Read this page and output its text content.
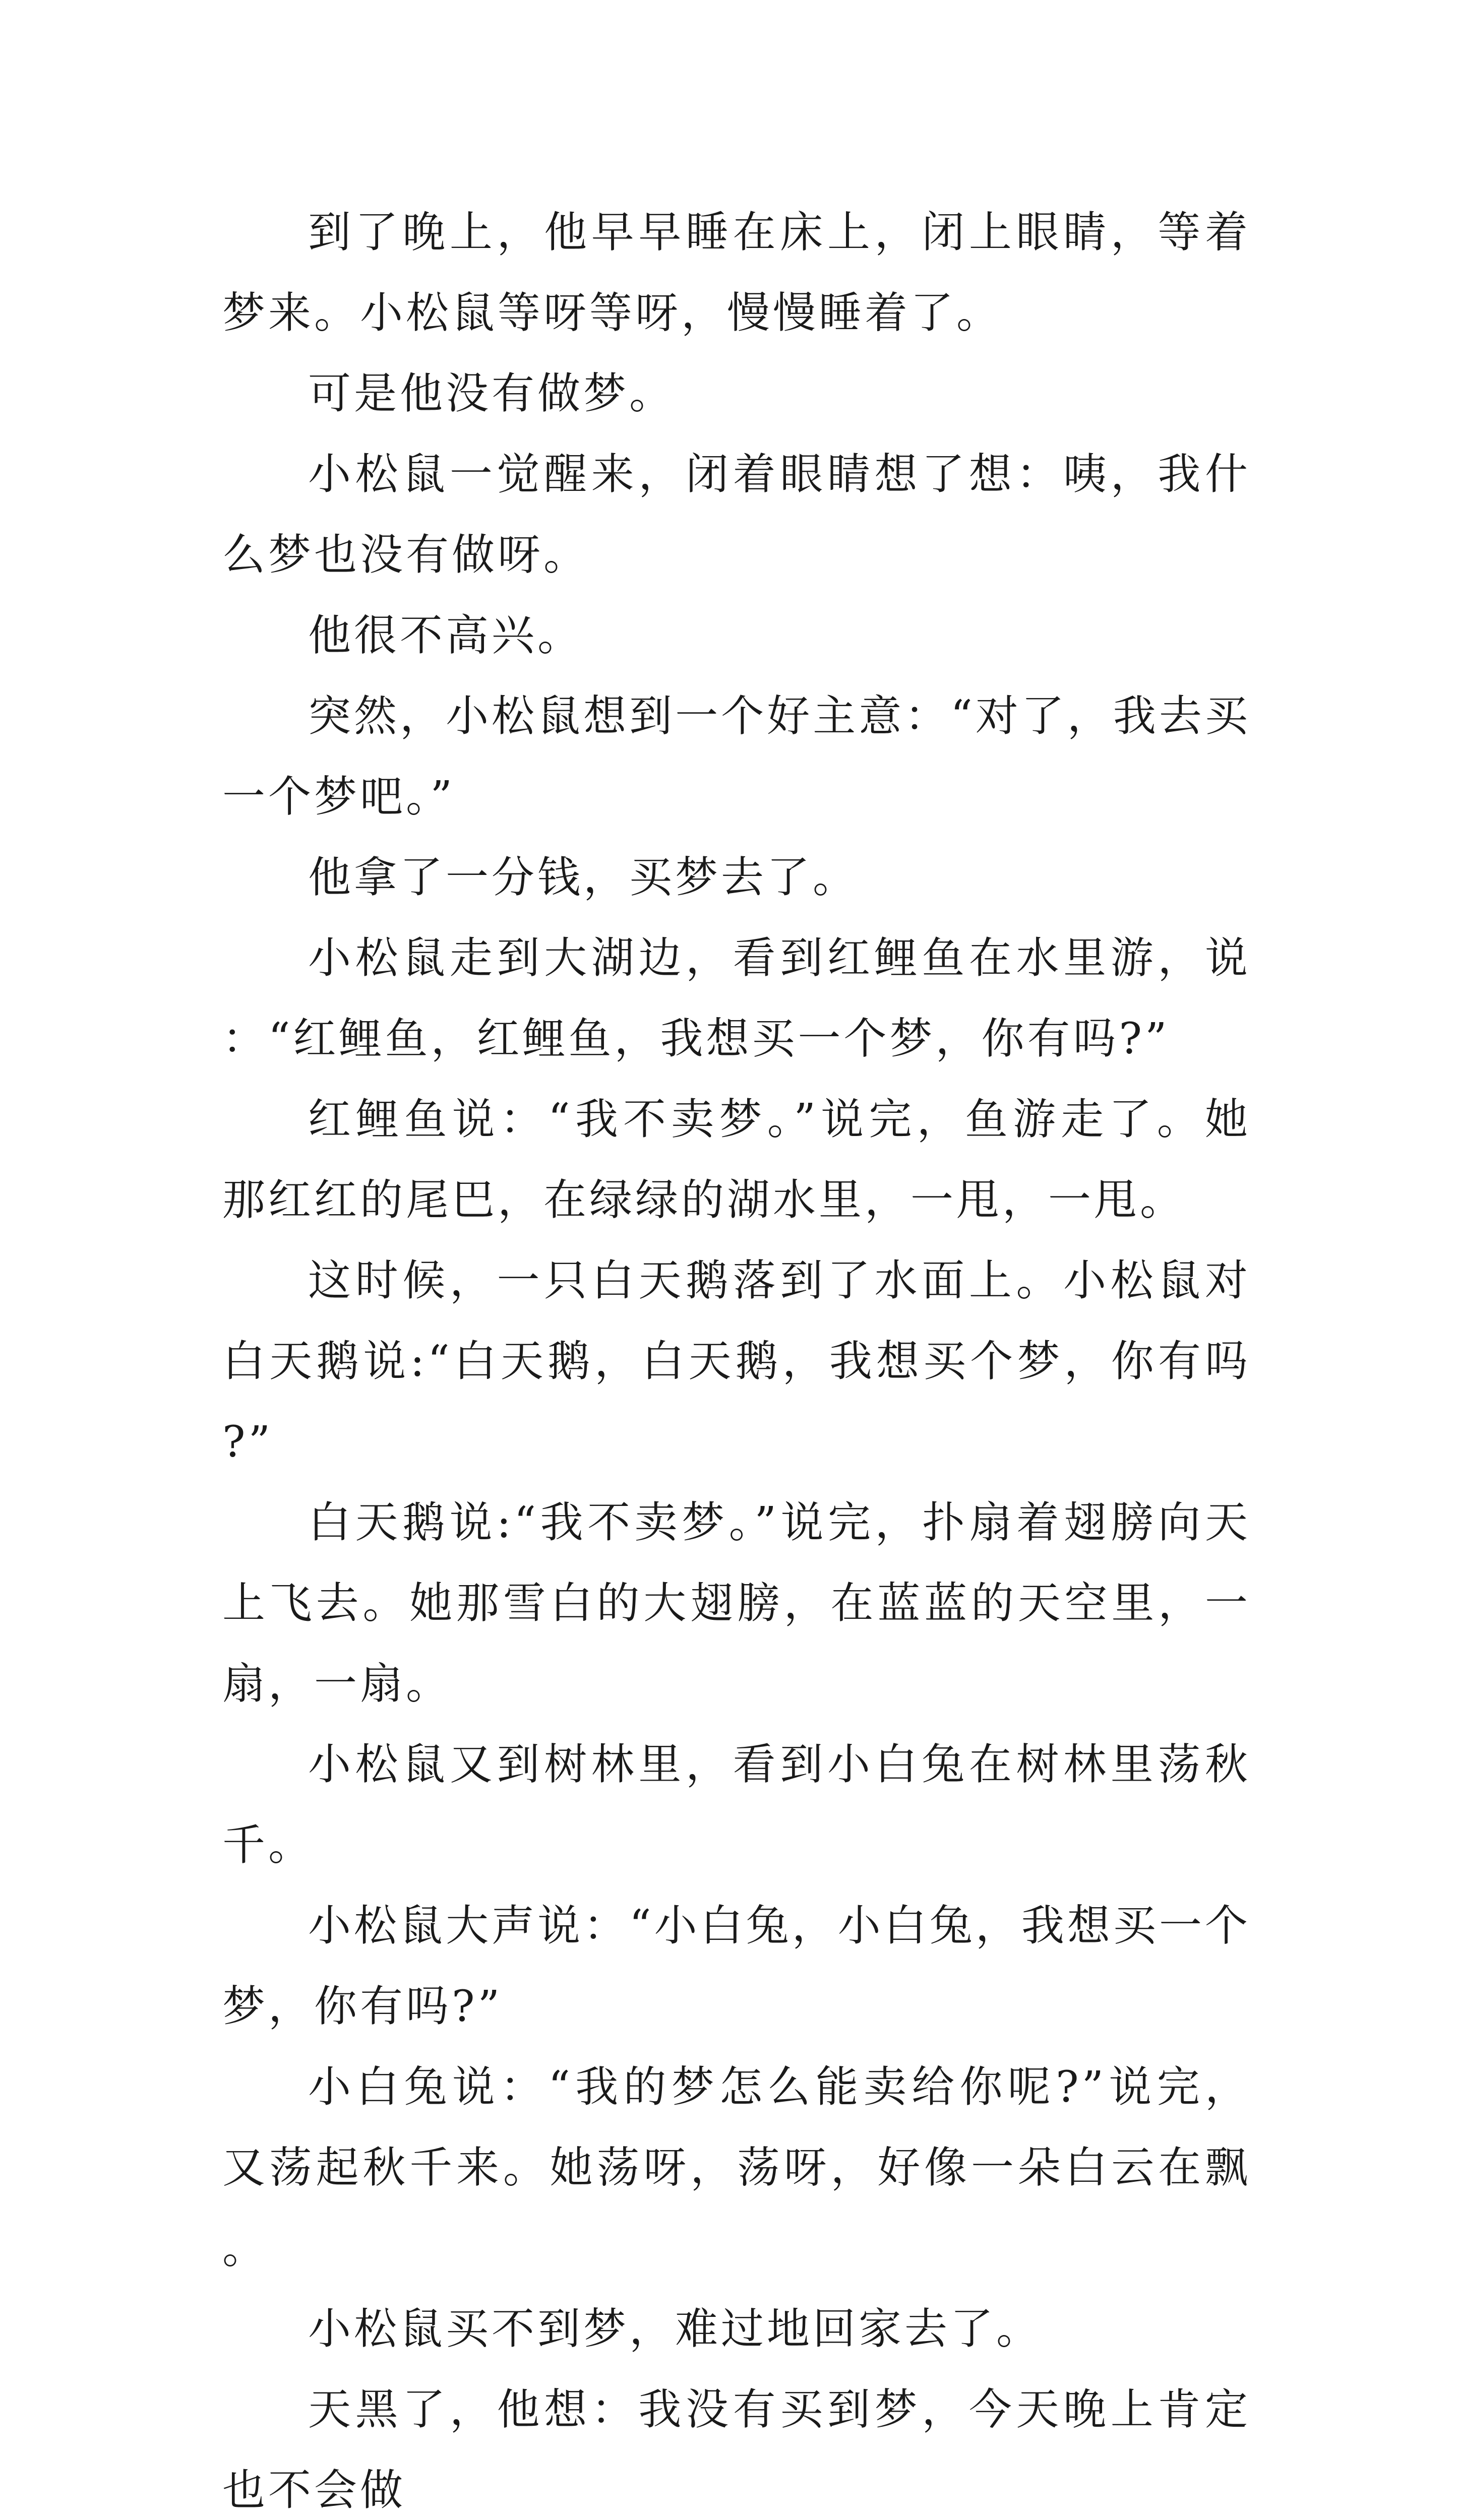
到了晚上，他早早睡在床上，闭上眼睛，等着梦来。小松鼠等呀等呀，慢慢睡着了。

可是他没有做梦。

小松鼠一觉醒来，闭着眼睛想了想：咦，我什么梦也没有做呀。

他很不高兴。

突然，小松鼠想到一个好主意：“对了，我去买一个梦吧。”

他拿了一分钱，买梦去了。

小松鼠走到大湖边，看到红鲤鱼在水里游，说：“红鲤鱼，红鲤鱼，我想买一个梦，你有吗?”

红鲤鱼说：“我不卖梦。”说完，鱼游走了。她那红红的尾巴，在绿绿的湖水里，一甩，一甩。

这时候，一只白天鹅落到了水面上。小松鼠对白天鹅说:“白天鹅，白天鹅，我想买个梦，你有吗?”

白天鹅说:“我不卖梦。”说完，扑扇着翅膀向天上飞去。她那雪白的大翅膀，在蓝蓝的天空里，一扇，一扇。

小松鼠又到树林里，看到小白兔在树林里荡秋千。

小松鼠大声说：“小白兔，小白兔，我想买一个梦，你有吗?”

小白兔说：“我的梦怎么能卖给你呢?”说完，又荡起秋千来。她荡呀，荡呀，好像一朵白云在飘。

小松鼠买不到梦，难过地回家去了。

天黑了，他想：我没有买到梦，今天晚上肯定也不会做
